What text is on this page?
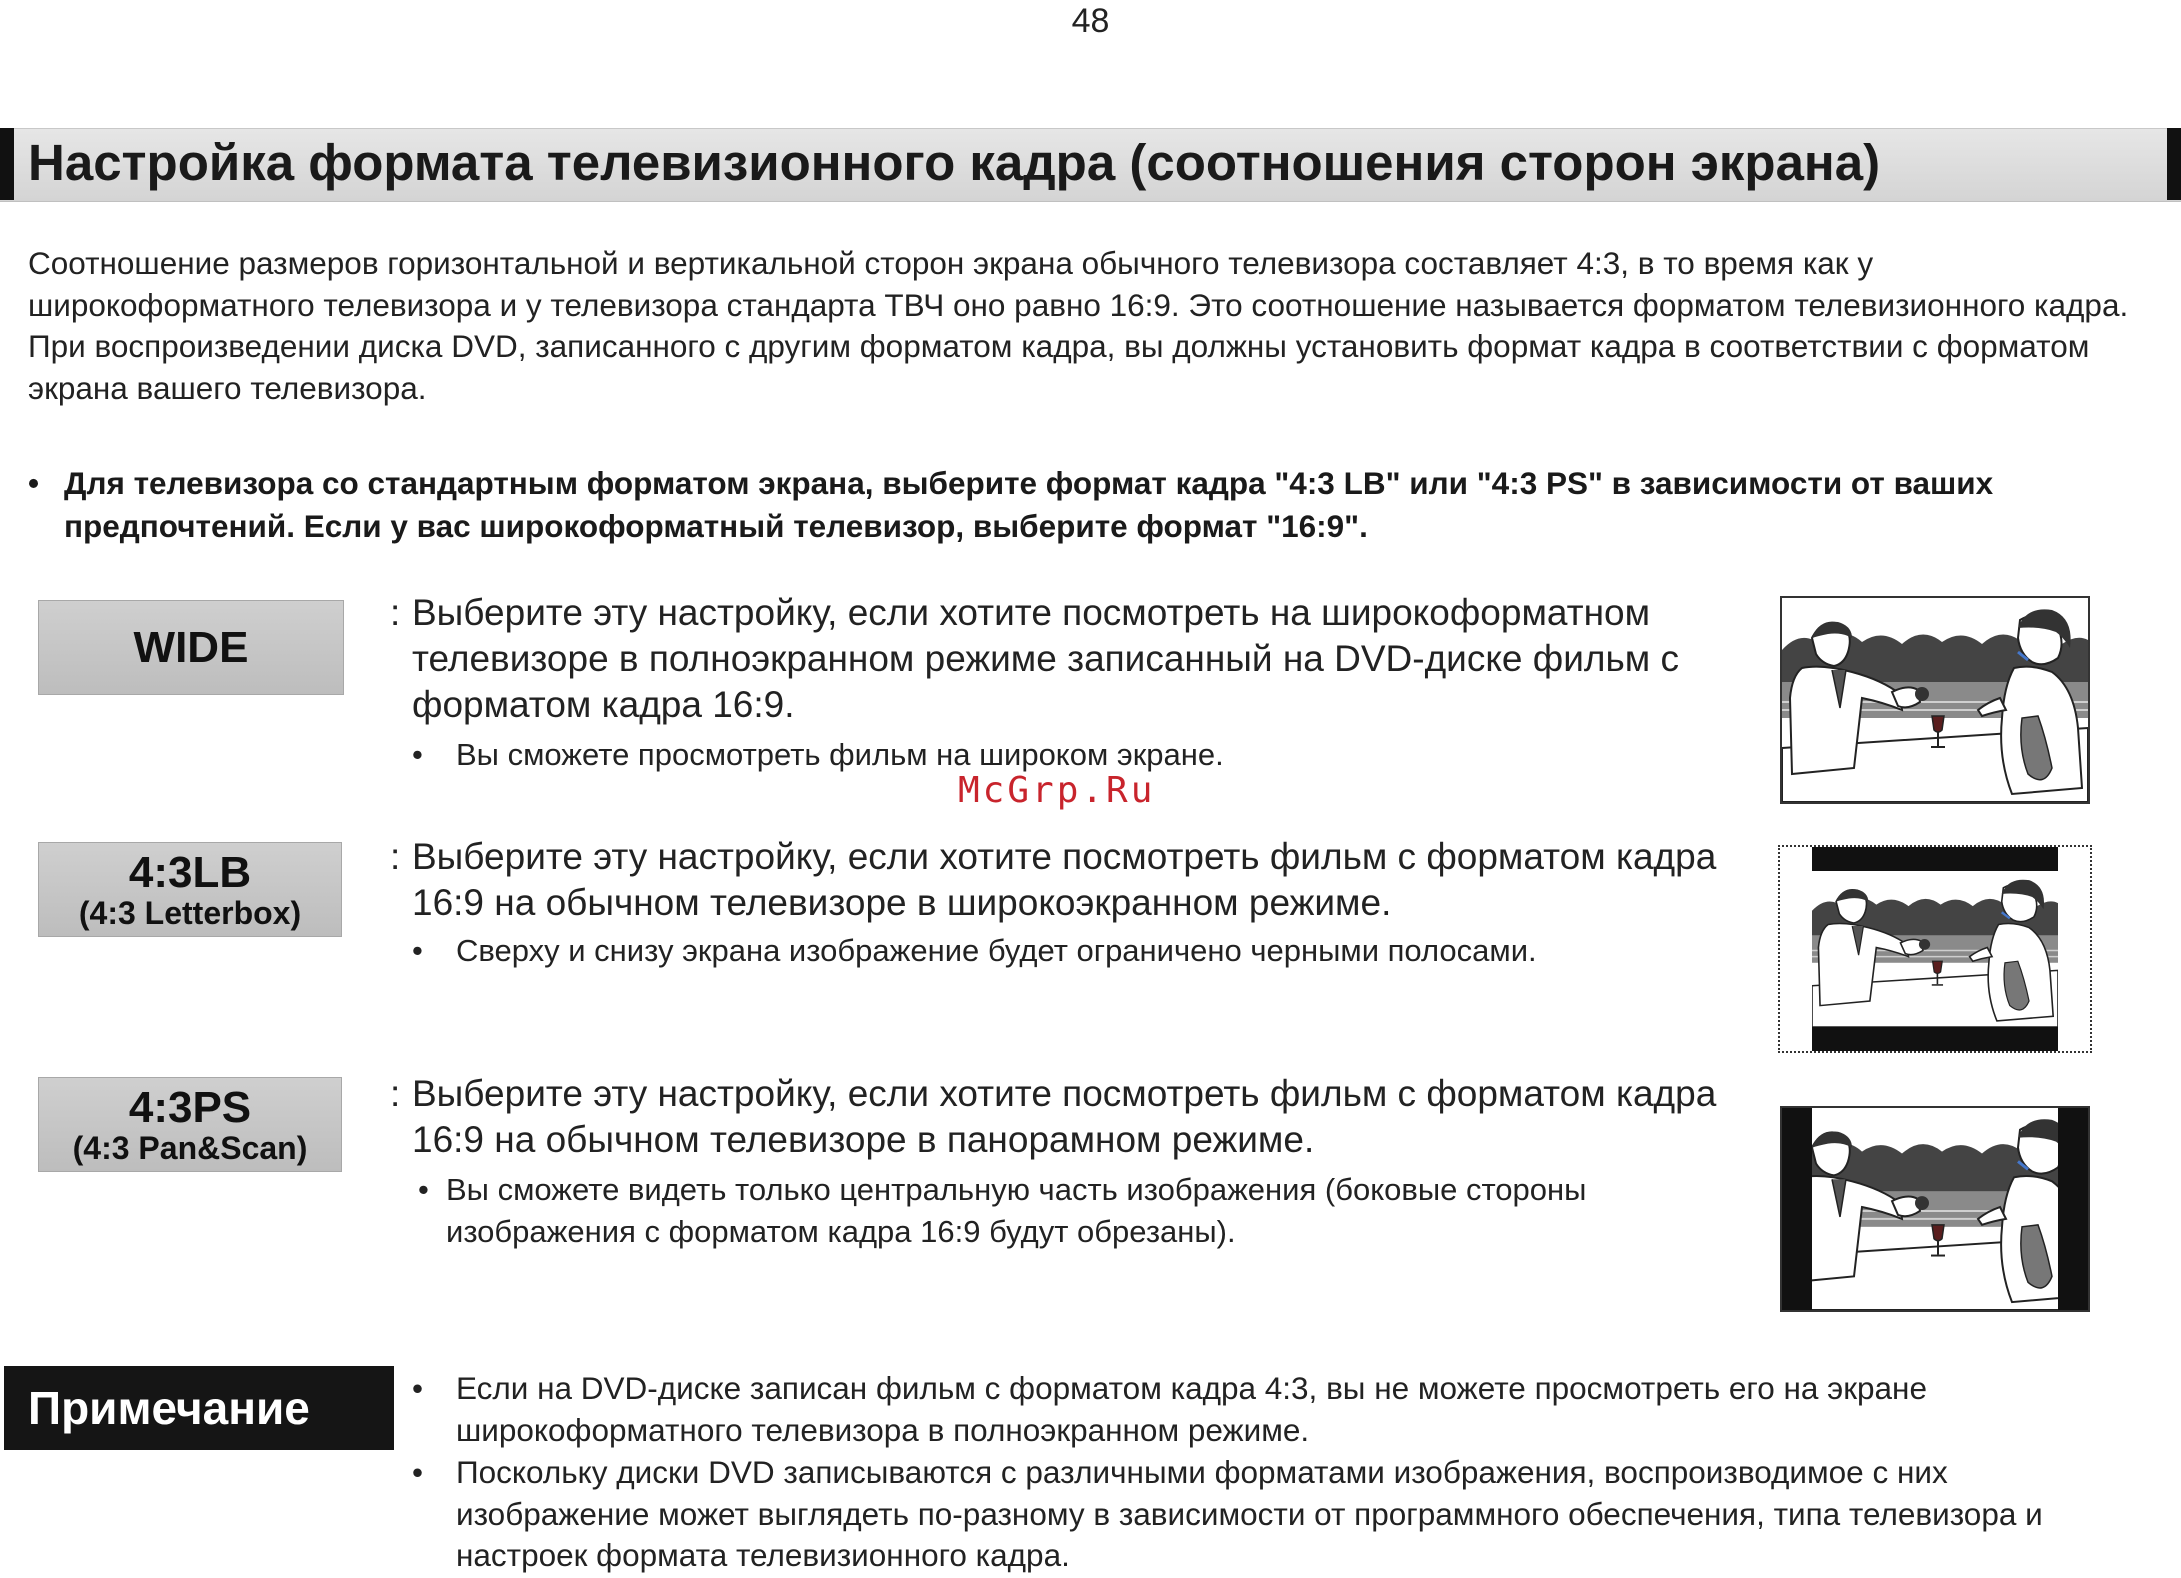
48
Настройка формата телевизионного кадра (соотношения сторон экрана)
Соотношение размеров горизонтальной и вертикальной сторон экрана обычного телевизора составляет 4:3, в то время как у широкоформатного телевизора и у телевизора стандарта ТВЧ оно равно 16:9. Это соотношение называется форматом телевизионного кадра. При воспроизведении диска DVD, записанного с другим форматом кадра, вы должны установить формат кадра в соответствии с форматом экрана вашего телевизора.
• Для телевизора со стандартным форматом экрана, выберите формат кадра "4:3 LB" или "4:3 PS" в зависимости от ваших предпочтений. Если у вас широкоформатный телевизор, выберите формат "16:9".
WIDE
: Выберите эту настройку, если хотите посмотреть на широкоформатном телевизоре в полноэкранном режиме записанный на DVD-диске фильм с форматом кадра 16:9.
•	Вы сможете просмотреть фильм на широком экране.
4:3LB
(4:3 Letterbox)
: Выберите эту настройку, если хотите посмотреть фильм с форматом кадра 16:9 на обычном телевизоре в широкоэкранном режиме.
•	Сверху и снизу экрана изображение будет ограничено черными полосами.
4:3PS
(4:3 Pan&Scan)
: Выберите эту настройку, если хотите посмотреть фильм с форматом кадра 16:9 на обычном телевизоре в панорамном режиме.
• Вы сможете видеть только центральную часть изображения (боковые стороны изображения с форматом кадра 16:9 будут обрезаны).
McGrp.Ru
Примечание	•	Если на DVD-диске записан фильм с форматом кадра 4:3, вы не можете просмотреть его на экране широкоформатного телевизора в полноэкранном режиме.
•	Поскольку диски DVD записываются с различными форматами изображения, воспроизводимое с них изображение может выглядеть по-разному в зависимости от программного обеспечения, типа телевизора и настроек формата телевизионного кадра.
